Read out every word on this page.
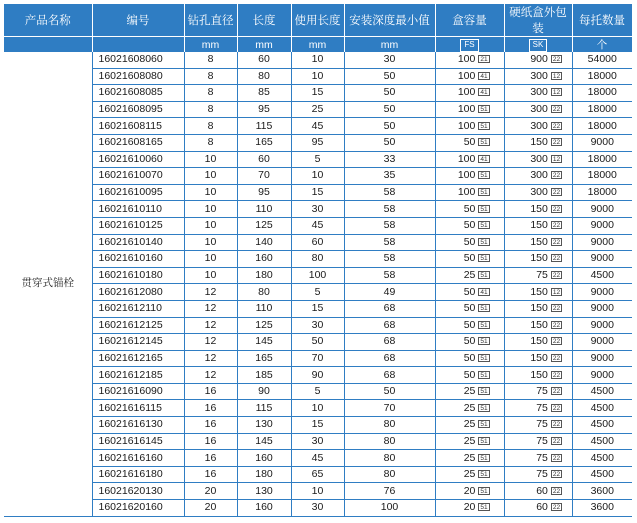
产品名称	编号	钻孔直径	长度	使用长度	安装深度最小值	盒容量	硬纸盒外包装	每托数量
		mm	mm	mm	mm	FS	SK	个
贯穿式锚栓	16021608060	8	60	10	30	100 21	900 22	54000
	16021608080	8	80	10	50	100 41	300 12	18000
	16021608085	8	85	15	50	100 41	300 12	18000
	16021608095	8	95	25	50	100 51	300 22	18000
	16021608115	8	115	45	50	100 51	300 22	18000
	16021608165	8	165	95	50	50 51	150 22	9000
	16021610060	10	60	5	33	100 41	300 12	18000
	16021610070	10	70	10	35	100 51	300 22	18000
	16021610095	10	95	15	58	100 51	300 22	18000
	16021610110	10	110	30	58	50 51	150 22	9000
	16021610125	10	125	45	58	50 51	150 22	9000
	16021610140	10	140	60	58	50 51	150 22	9000
	16021610160	10	160	80	58	50 51	150 22	9000
	16021610180	10	180	100	58	25 51	75 22	4500
	16021612080	12	80	5	49	50 41	150 12	9000
	16021612110	12	110	15	68	50 51	150 22	9000
	16021612125	12	125	30	68	50 51	150 22	9000
	16021612145	12	145	50	68	50 51	150 22	9000
	16021612165	12	165	70	68	50 51	150 22	9000
	16021612185	12	185	90	68	50 51	150 22	9000
	16021616090	16	90	5	50	25 51	75 22	4500
	16021616115	16	115	10	70	25 51	75 22	4500
	16021616130	16	130	15	80	25 51	75 22	4500
	16021616145	16	145	30	80	25 51	75 22	4500
	16021616160	16	160	45	80	25 51	75 22	4500
	16021616180	16	180	65	80	25 51	75 22	4500
	16021620130	20	130	10	76	20 51	60 22	3600
	16021620160	20	160	30	100	20 51	60 22	3600
